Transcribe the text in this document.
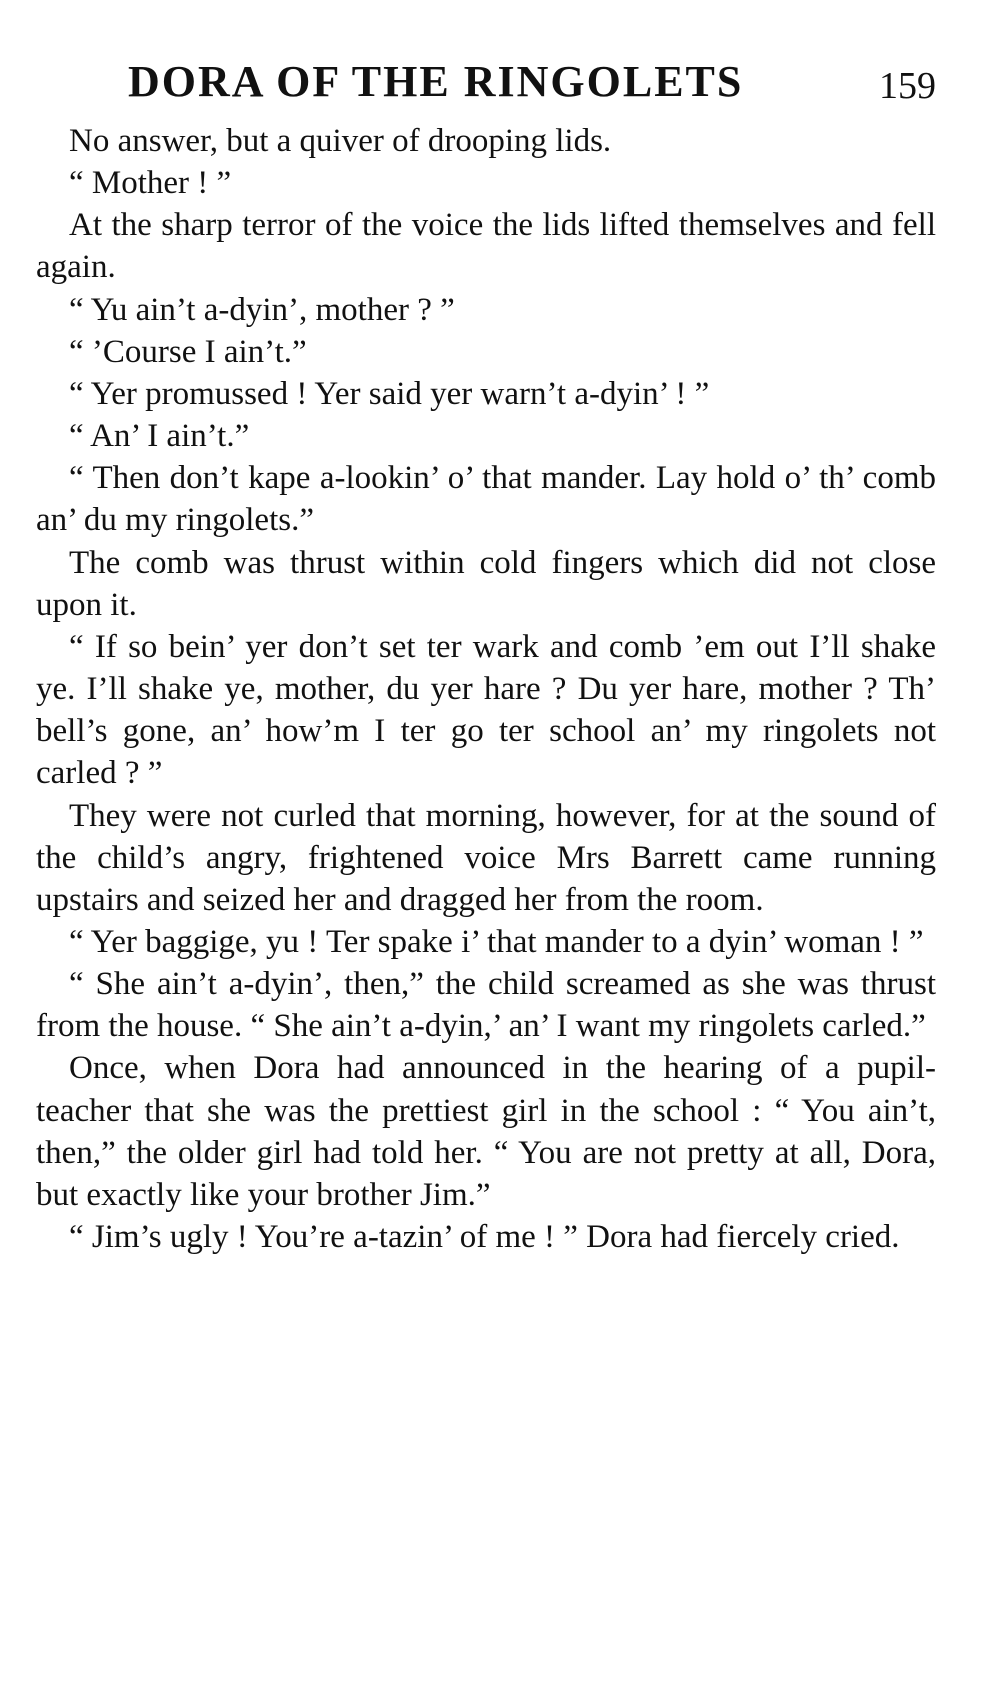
DORA OF THE RINGOLETS	159

No answer, but a quiver of drooping lids.

“ Mother ! ”

At the sharp terror of the voice the lids lifted themselves and fell again.

“ Yu ain’t a-dyin’, mother ? ”

“ ’Course I ain’t.”

“ Yer promussed ! Yer said yer warn’t a-dyin’ ! ”

“ An’ I ain’t.”

“ Then don’t kape a-lookin’ o’ that mander. Lay hold o’ th’ comb an’ du my ringolets.”

The comb was thrust within cold fingers which did not close upon it.

“ If so bein’ yer don’t set ter wark and comb ’em out I’ll shake ye. I’ll shake ye, mother, du yer hare ? Du yer hare, mother ? Th’ bell’s gone, an’ how’m I ter go ter school an’ my ringolets not carled ? ”

They were not curled that morning, however, for at the sound of the child’s angry, frightened voice Mrs Barrett came running upstairs and seized her and dragged her from the room.

“ Yer baggige, yu ! Ter spake i’ that mander to a dyin’ woman ! ”

“ She ain’t a-dyin’, then,” the child screamed as she was thrust from the house. “ She ain’t a-dyin,’ an’ I want my ringolets carled.”

Once, when Dora had announced in the hearing of a pupil-teacher that she was the prettiest girl in the school : “ You ain’t, then,” the older girl had told her. “ You are not pretty at all, Dora, but exactly like your brother Jim.”

“ Jim’s ugly ! You’re a-tazin’ of me ! ” Dora had fiercely cried.
